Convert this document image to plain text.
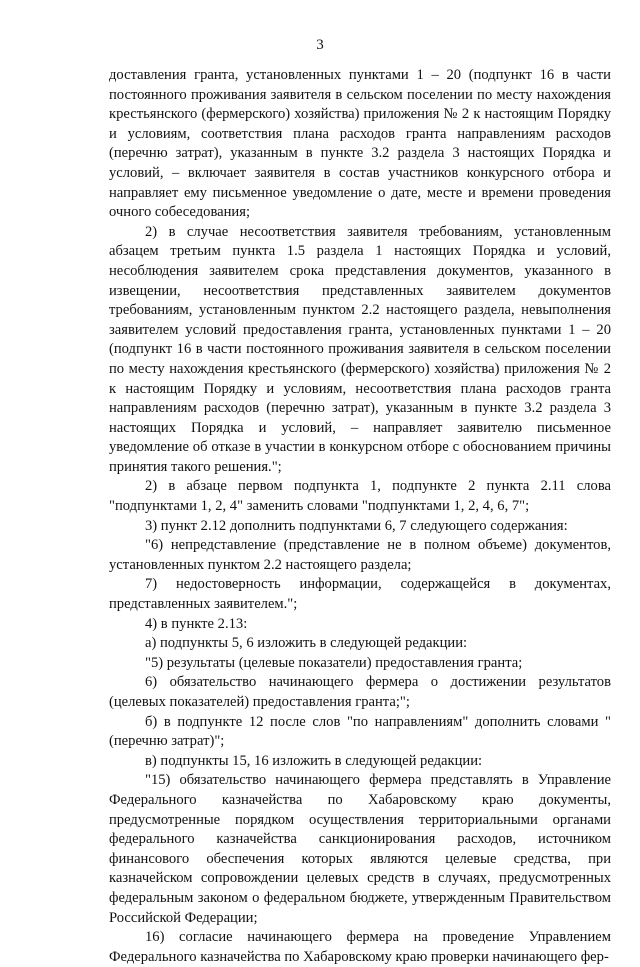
3

доставления гранта, установленных пунктами 1 – 20 (подпункт 16 в части постоянного проживания заявителя в сельском поселении по месту нахождения крестьянского (фермерского) хозяйства) приложения № 2 к настоящим Порядку и условиям, соответствия плана расходов гранта направлениям расходов (перечню затрат), указанным в пункте 3.2 раздела 3 настоящих Порядка и условий, – включает заявителя в состав участников конкурсного отбора и направляет ему письменное уведомление о дате, месте и времени проведения очного собеседования;

2) в случае несоответствия заявителя требованиям, установленным абзацем третьим пункта 1.5 раздела 1 настоящих Порядка и условий, несоблюдения заявителем срока представления документов, указанного в извещении, несоответствия представленных заявителем документов требованиям, установленным пунктом 2.2 настоящего раздела, невыполнения заявителем условий предоставления гранта, установленных пунктами 1 – 20 (подпункт 16 в части постоянного проживания заявителя в сельском поселении по месту нахождения крестьянского (фермерского) хозяйства) приложения № 2 к настоящим Порядку и условиям, несоответствия плана расходов гранта направлениям расходов (перечню затрат), указанным в пункте 3.2 раздела 3 настоящих Порядка и условий, – направляет заявителю письменное уведомление об отказе в участии в конкурсном отборе с обоснованием причины принятия такого решения.";

2) в абзаце первом подпункта 1, подпункте 2 пункта 2.11 слова "подпунктами 1, 2, 4" заменить словами "подпунктами 1, 2, 4, 6, 7";

3) пункт 2.12 дополнить подпунктами 6, 7 следующего содержания:

"6) непредставление (представление не в полном объеме) документов, установленных пунктом 2.2 настоящего раздела;

7) недостоверность информации, содержащейся в документах, представленных заявителем.";

4) в пункте 2.13:

а) подпункты 5, 6 изложить в следующей редакции:

"5) результаты (целевые показатели) предоставления гранта;

6) обязательство начинающего фермера о достижении результатов (целевых показателей) предоставления гранта;";

б) в подпункте 12 после слов "по направлениям" дополнить словами "(перечню затрат)";

в) подпункты 15, 16 изложить в следующей редакции:

"15) обязательство начинающего фермера представлять в Управление Федерального казначейства по Хабаровскому краю документы, предусмотренные порядком осуществления территориальными органами федерального казначейства санкционирования расходов, источником финансового обеспечения которых являются целевые средства, при казначейском сопровождении целевых средств в случаях, предусмотренных федеральным законом о федеральном бюджете, утвержденным Правительством Российской Федерации;

16) согласие начинающего фермера на проведение Управлением Федерального казначейства по Хабаровскому краю проверки начинающего фер-
